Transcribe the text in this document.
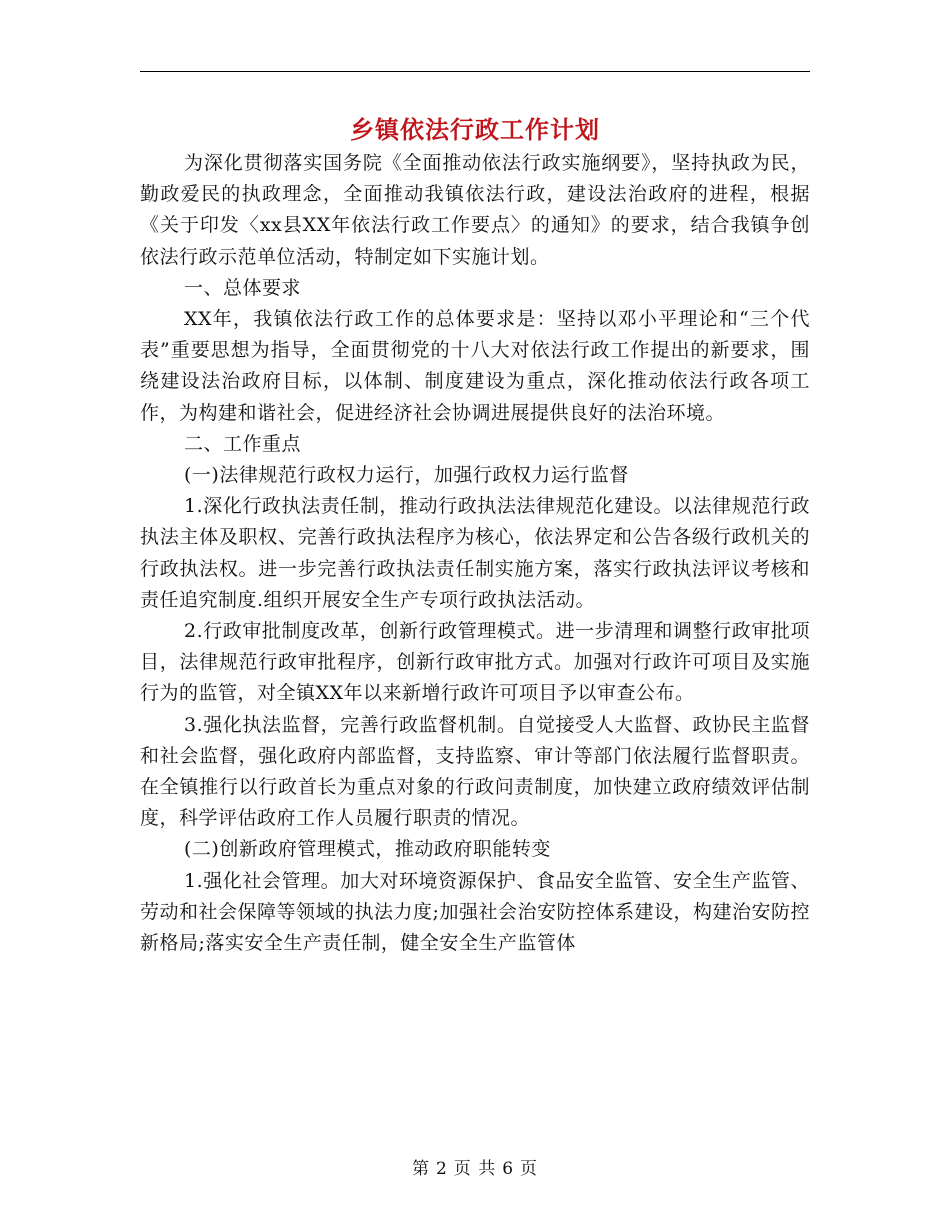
乡镇依法行政工作计划

为深化贯彻落实国务院《全面推动依法行政实施纲要》，坚持执政为民，勤政爱民的执政理念，全面推动我镇依法行政，建设法治政府的进程，根据《关于印发〈xx县XX年依法行政工作要点〉的通知》的要求，结合我镇争创依法行政示范单位活动，特制定如下实施计划。

一、总体要求

XX年，我镇依法行政工作的总体要求是：坚持以邓小平理论和“三个代表”重要思想为指导，全面贯彻党的十八大对依法行政工作提出的新要求，围绕建设法治政府目标，以体制、制度建设为重点，深化推动依法行政各项工作，为构建和谐社会，促进经济社会协调进展提供良好的法治环境。

二、工作重点

(一)法律规范行政权力运行，加强行政权力运行监督

1.深化行政执法责任制，推动行政执法法律规范化建设。以法律规范行政执法主体及职权、完善行政执法程序为核心，依法界定和公告各级行政机关的行政执法权。进一步完善行政执法责任制实施方案，落实行政执法评议考核和责任追究制度.组织开展安全生产专项行政执法活动。

2.行政审批制度改革，创新行政管理模式。进一步清理和调整行政审批项目，法律规范行政审批程序，创新行政审批方式。加强对行政许可项目及实施行为的监管，对全镇XX年以来新增行政许可项目予以审查公布。

3.强化执法监督，完善行政监督机制。自觉接受人大监督、政协民主监督和社会监督，强化政府内部监督，支持监察、审计等部门依法履行监督职责。在全镇推行以行政首长为重点对象的行政问责制度，加快建立政府绩效评估制度，科学评估政府工作人员履行职责的情况。

(二)创新政府管理模式，推动政府职能转变

1.强化社会管理。加大对环境资源保护、食品安全监管、安全生产监管、劳动和社会保障等领域的执法力度;加强社会治安防控体系建设，构建治安防控新格局;落实安全生产责任制，健全安全生产监管体

第 2 页 共 6 页
